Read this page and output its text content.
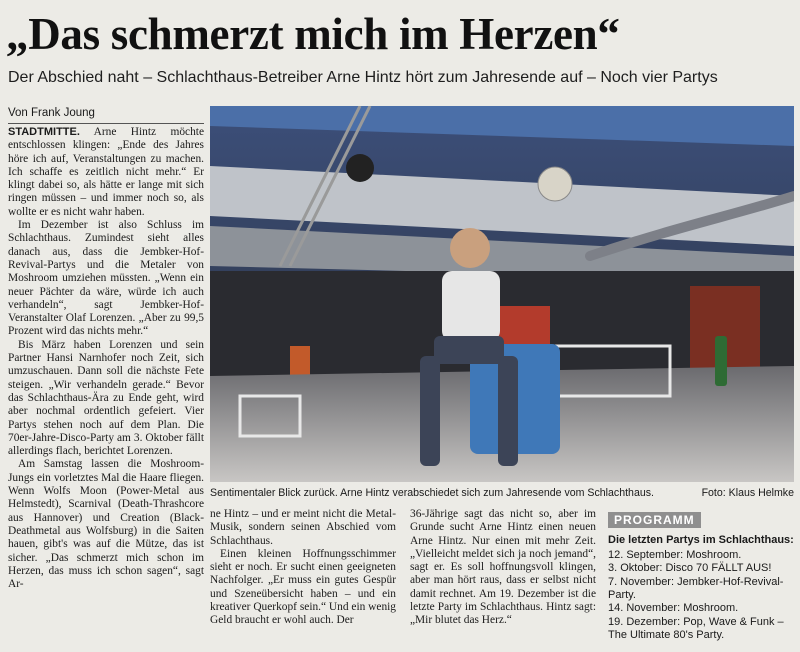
„Das schmerzt mich im Herzen“
Der Abschied naht – Schlachthaus-Betreiber Arne Hintz hört zum Jahresende auf – Noch vier Partys
Von Frank Joung

STADTMITTE. Arne Hintz möchte entschlossen klingen: „Ende des Jahres höre ich auf, Veranstaltungen zu machen. Ich schaffe es zeitlich nicht mehr.“ Er klingt dabei so, als hätte er lange mit sich ringen müssen – und immer noch so, als wollte er es nicht wahr haben.

Im Dezember ist also Schluss im Schlachthaus. Zumindest sieht alles danach aus, dass die Jembker-Hof-Revival-Partys und die Metaler von Moshroom umziehen müssten. „Wenn ein neuer Pächter da wäre, würde ich auch verhandeln“, sagt Jembker-Hof-Veranstalter Olaf Lorenzen. „Aber zu 99,5 Prozent wird das nichts mehr.“

Bis März haben Lorenzen und sein Partner Hansi Narnhofer noch Zeit, sich umzuschauen. Dann soll die nächste Fete steigen. „Wir verhandeln gerade.“ Bevor das Schlachthaus-Ära zu Ende geht, wird aber nochmal ordentlich gefeiert. Vier Partys stehen noch auf dem Plan. Die 70er-Jahre-Disco-Party am 3. Oktober fällt allerdings flach, berichtet Lorenzen.

Am Samstag lassen die Moshroom-Jungs ein vorletztes Mal die Haare fliegen. Wenn Wolfs Moon (Power-Metal aus Helmstedt), Scarnival (Death-Thrashcore aus Hannover) und Creation (Black-Deathmetal aus Wolfsburg) in die Saiten hauen, gibt's was auf die Mütze, das ist sicher. „Das schmerzt mich schon im Herzen, das muss ich schon sagen“, sagt Ar-

Sentimentaler Blick zurück. Arne Hintz verabschiedet sich zum Jahresende vom Schlachthaus.	Foto: Klaus Helmke

ne Hintz – und er meint nicht die Metal-Musik, sondern seinen Abschied vom Schlachthaus.

Einen kleinen Hoffnungsschimmer sieht er noch. Er sucht einen geeigneten Nachfolger. „Er muss ein gutes Gespür und Szeneübersicht haben – und ein kreativer Querkopf sein.“ Und ein wenig Geld braucht er wohl auch. Der

36-Jährige sagt das nicht so, aber im Grunde sucht Arne Hintz einen neuen Arne Hintz. Nur einen mit mehr Zeit. „Vielleicht meldet sich ja noch jemand“, sagt er. Es soll hoffnungsvoll klingen, aber man hört raus, dass er selbst nicht damit rechnet. Am 19. Dezember ist die letzte Party im Schlachthaus. Hintz sagt: „Mir blutet das Herz.“

PROGRAMM
Die letzten Partys im Schlachthaus:

12. September: Moshroom.

3. Oktober: Disco 70 FÄLLT AUS!

7. November: Jembker-Hof-Revival-Party.

14. November: Moshroom.

19. Dezember: Pop, Wave & Funk – The Ultimate 80's Party.
